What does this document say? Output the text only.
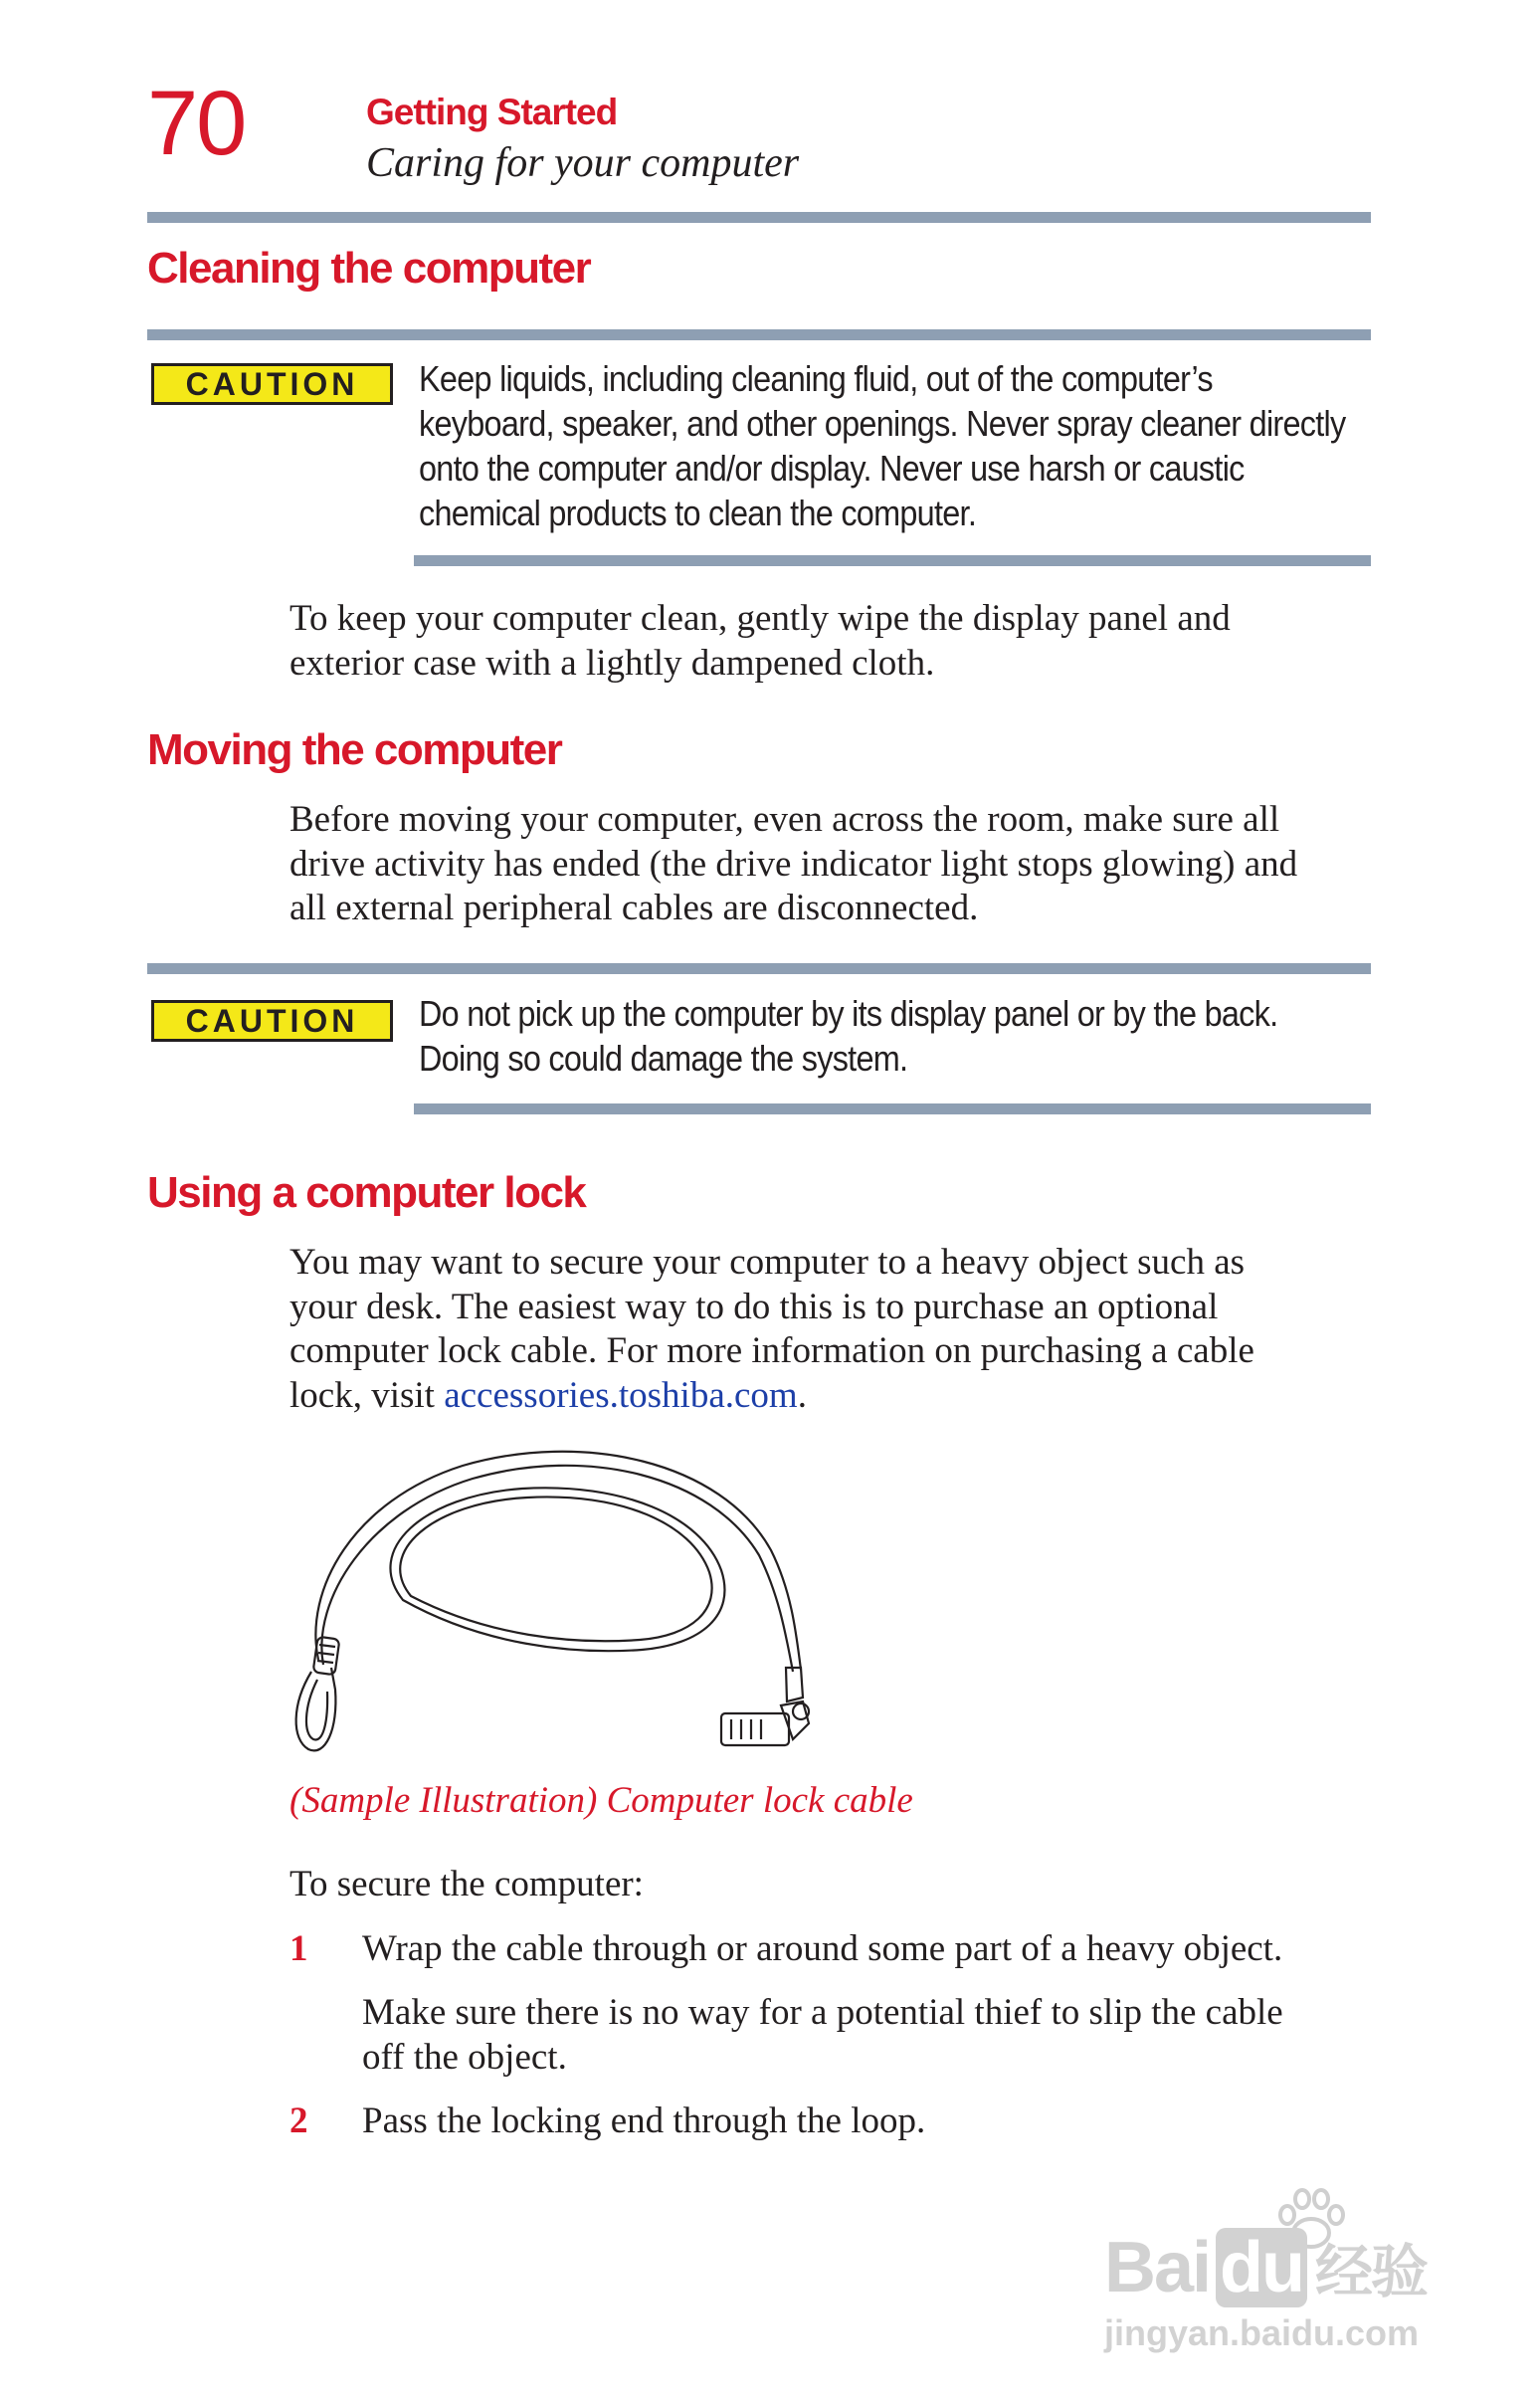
70	Getting Started
Caring for your computer
Cleaning the computer
CAUTION	Keep liquids, including cleaning fluid, out of the computer’s
keyboard, speaker, and other openings. Never spray cleaner directly
onto the computer and/or display. Never use harsh or caustic
chemical products to clean the computer.
To keep your computer clean, gently wipe the display panel and
exterior case with a lightly dampened cloth.
Moving the computer
Before moving your computer, even across the room, make sure all
drive activity has ended (the drive indicator light stops glowing) and
all external peripheral cables are disconnected.
CAUTION	Do not pick up the computer by its display panel or by the back.
Doing so could damage the system.
Using a computer lock
You may want to secure your computer to a heavy object such as
your desk. The easiest way to do this is to purchase an optional
computer lock cable. For more information on purchasing a cable
lock, visit accessories.toshiba.com.
(Sample Illustration) Computer lock cable
To secure the computer:
1 Wrap the cable through or around some part of a heavy object.
Make sure there is no way for a potential thief to slip the cable
off the object.
2 Pass the locking end through the loop.
Bai du 经验
jingyan.baidu.com
